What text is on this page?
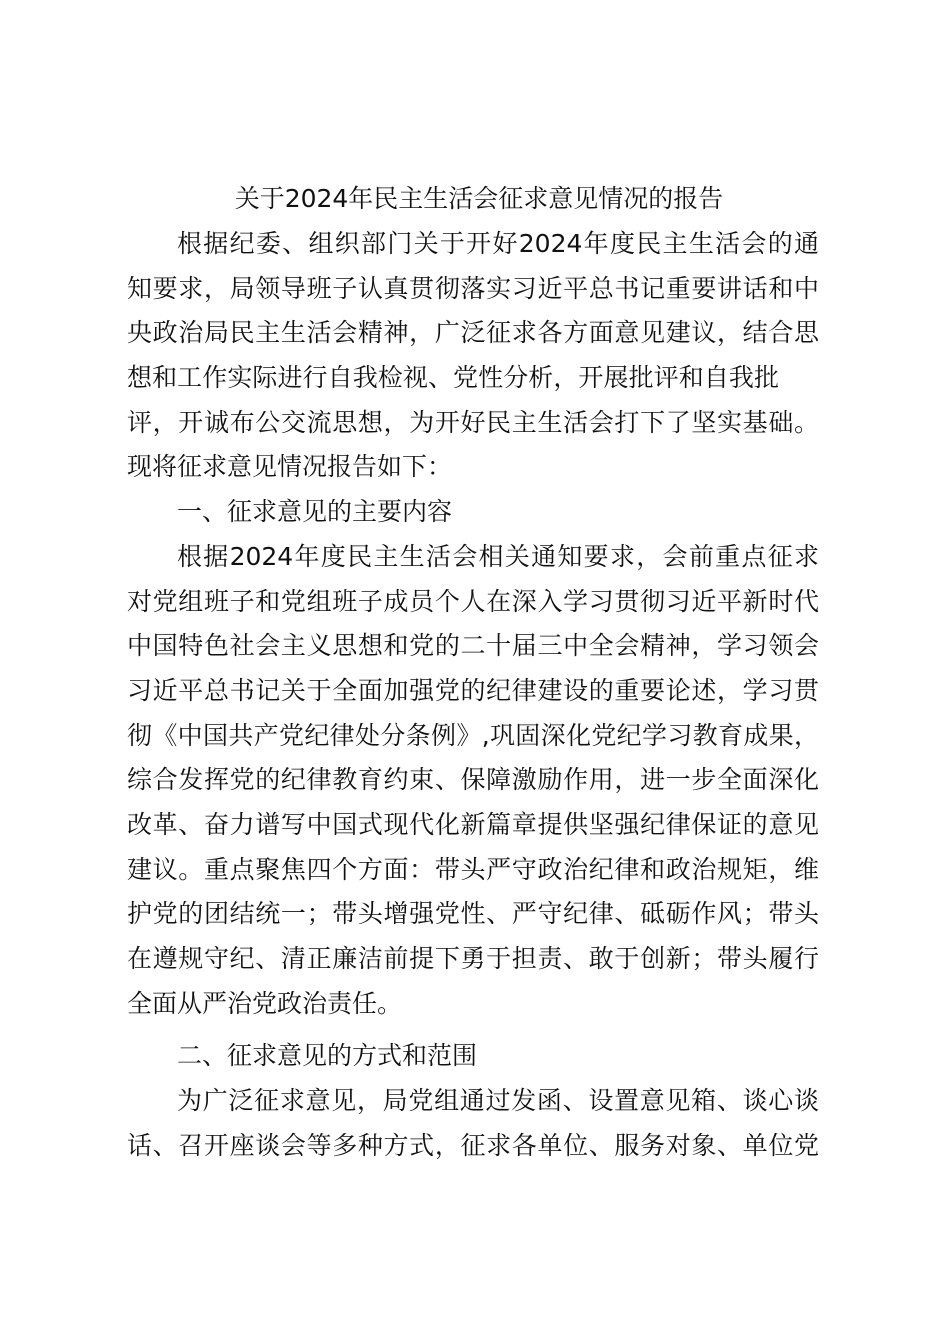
关于2024年民主生活会征求意见情况的报告
根据纪委、组织部门关于开好2024年度民主生活会的通
知要求，局领导班子认真贯彻落实习近平总书记重要讲话和中
央政治局民主生活会精神，广泛征求各方面意见建议，结合思
想和工作实际进行自我检视、党性分析，开展批评和自我批
评，开诚布公交流思想，为开好民主生活会打下了坚实基础。
现将征求意见情况报告如下：
一、征求意见的主要内容
根据2024年度民主生活会相关通知要求，会前重点征求
对党组班子和党组班子成员个人在深入学习贯彻习近平新时代
中国特色社会主义思想和党的二十届三中全会精神，学习领会
习近平总书记关于全面加强党的纪律建设的重要论述，学习贯
彻《中国共产党纪律处分条例》,巩固深化党纪学习教育成果，
综合发挥党的纪律教育约束、保障激励作用，进一步全面深化
改革、奋力谱写中国式现代化新篇章提供坚强纪律保证的意见
建议。重点聚焦四个方面：带头严守政治纪律和政治规矩，维
护党的团结统一；带头增强党性、严守纪律、砥砺作风；带头
在遵规守纪、清正廉洁前提下勇于担责、敢于创新；带头履行
全面从严治党政治责任。
二、征求意见的方式和范围
为广泛征求意见，局党组通过发函、设置意见箱、谈心谈
话、召开座谈会等多种方式，征求各单位、服务对象、单位党
